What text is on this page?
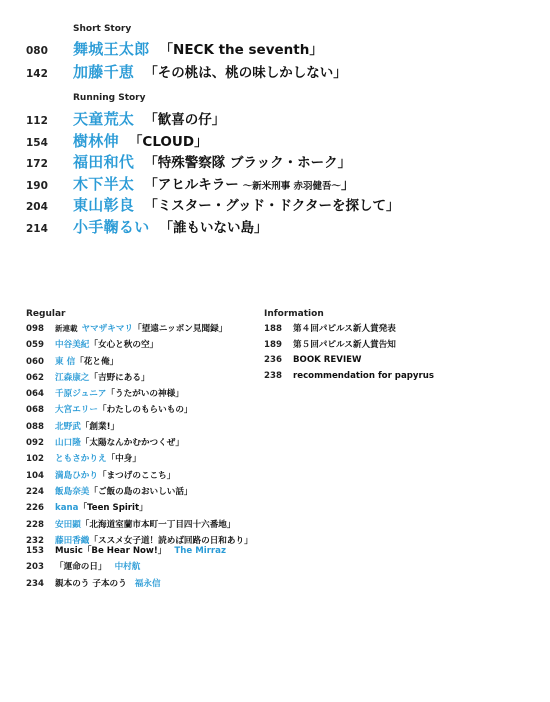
Short Story
080	舞城王太郎 「NECK the seventh」
142	加藤千恵 「その桃は、桃の味しかしない」
Running Story
112	天童荒太 「歓喜の仔」
154	樹林伸 「CLOUD」
172	福田和代 「特殊警察隊 ブラック・ホーク」
190	木下半太 「アヒルキラー ～新米刑事 赤羽健吾～ 」
204	東山彰良 「ミスター・グッド・ドクターを探して」
214	小手鞠るい 「誰もいない島」
Regular
098	新連載 ヤマザキマリ 「望遠ニッポン見聞録」
059	中谷美紀 「女心と秋の空」
060	東 信 「花と俺」
062	江森康之 「吉野にある」
064	千原ジュニア 「うたがいの神様」
068	大宮エリー 「わたしのもらいもの」
088	北野武 「創業!」
092	山口隆 「太陽なんかむかつくぜ」
102	ともさかりえ 「中身」
104	満島ひかり 「まつげのここち」
224	飯島奈美 「ご飯の島のおいしい話」
226	kana 「Teen Spirit」
228	安田顕 「北海道室蘭市本町一丁目四十六番地」
232	藤田香織 「ススメ女子道！読めば回路の日和あり」
153	Music「Be Hear Now!」 The Mirraz
203	「運命の日」 中村航
234	親本のう 子本のう 福永信
Information
188	第４回パピルス新人賞発表
189	第５回パピルス新人賞告知
236	BOOK REVIEW
238	recommendation for papyrus
